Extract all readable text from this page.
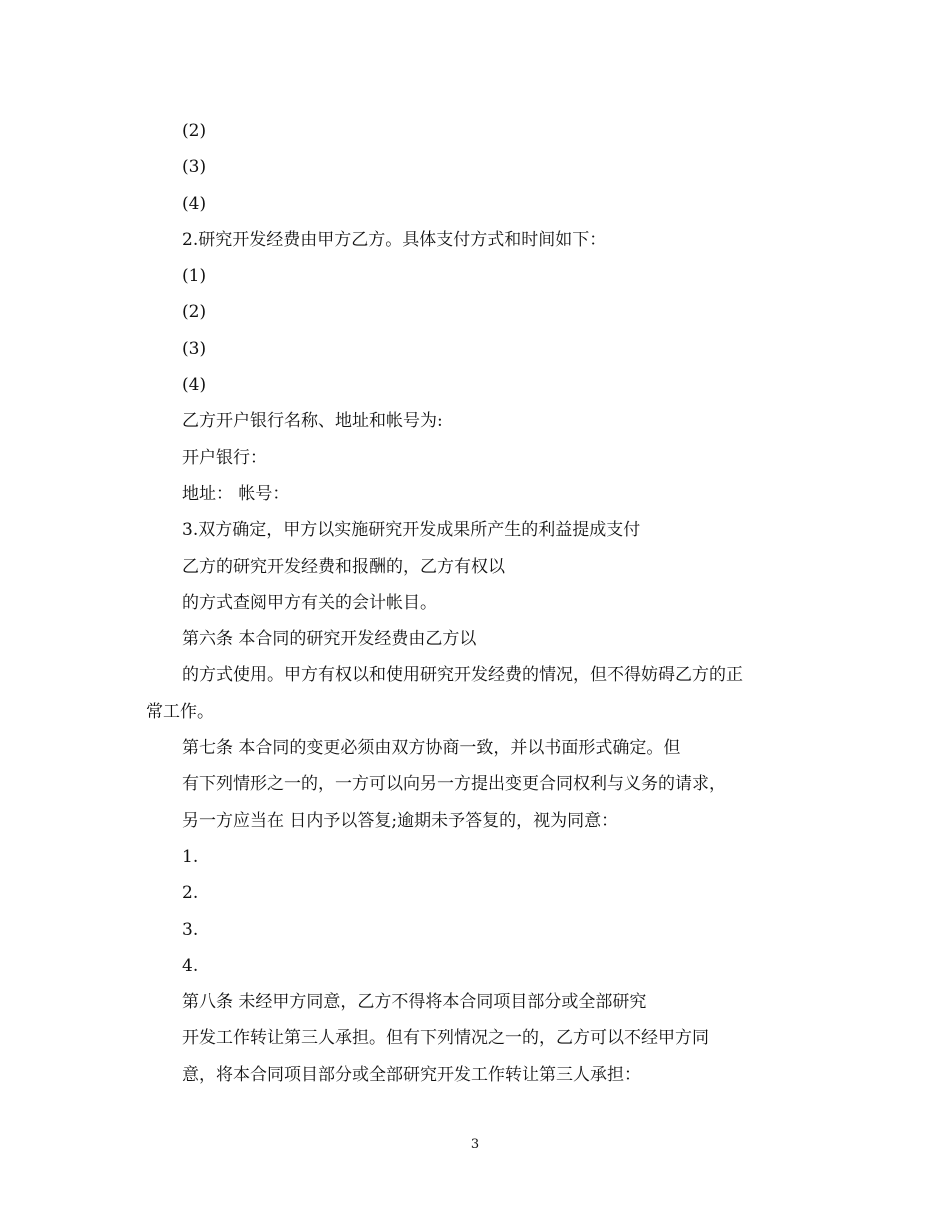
(2)
(3)
(4)
2.研究开发经费由甲方乙方。具体支付方式和时间如下：
(1)
(2)
(3)
(4)
乙方开户银行名称、地址和帐号为:
开户银行：
地址： 帐号：
3.双方确定，甲方以实施研究开发成果所产生的利益提成支付
乙方的研究开发经费和报酬的，乙方有权以
的方式查阅甲方有关的会计帐目。
第六条 本合同的研究开发经费由乙方以
的方式使用。甲方有权以和使用研究开发经费的情况，但不得妨碍乙方的正
常工作。
第七条 本合同的变更必须由双方协商一致，并以书面形式确定。但
有下列情形之一的，一方可以向另一方提出变更合同权利与义务的请求，
另一方应当在 日内予以答复;逾期未予答复的，视为同意：
1.
2.
3.
4.
第八条 未经甲方同意，乙方不得将本合同项目部分或全部研究
开发工作转让第三人承担。但有下列情况之一的，乙方可以不经甲方同
意，将本合同项目部分或全部研究开发工作转让第三人承担：
3
